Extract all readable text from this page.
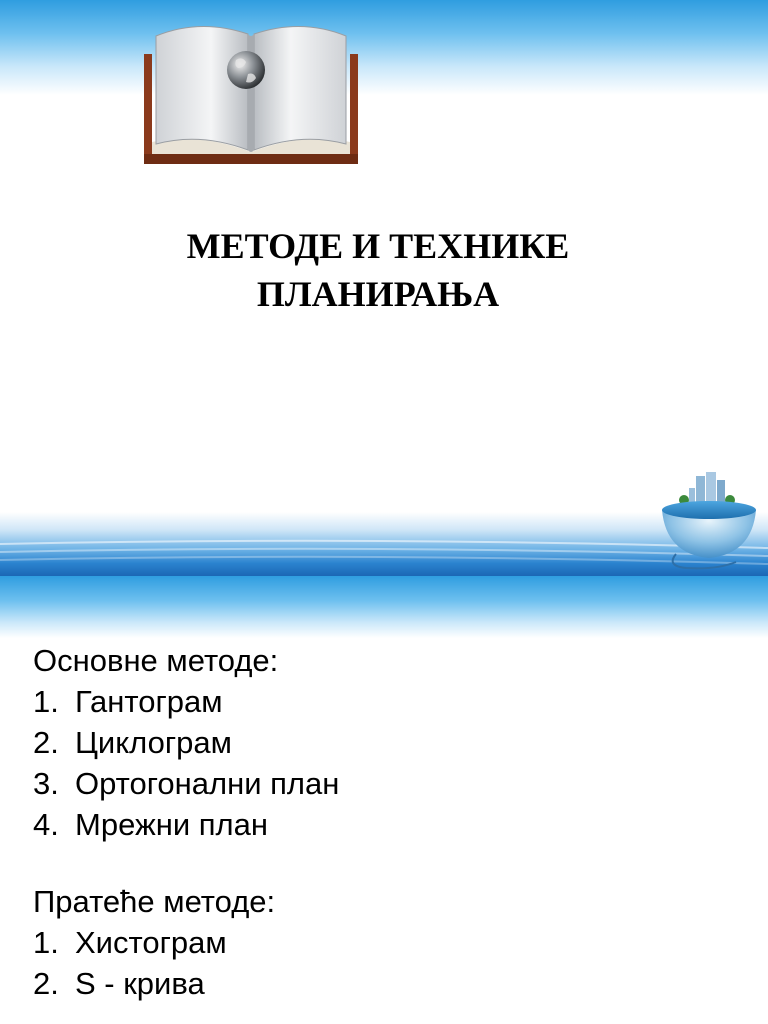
МЕТОДЕ И ТЕХНИКЕ
ПЛАНИРАЊА

Основне методе:

1. Гантограм
2. Циклограм
3. Ортогонални план
4. Мрежни план

Пратеће методе:

1. Хистограм
2. S - крива
